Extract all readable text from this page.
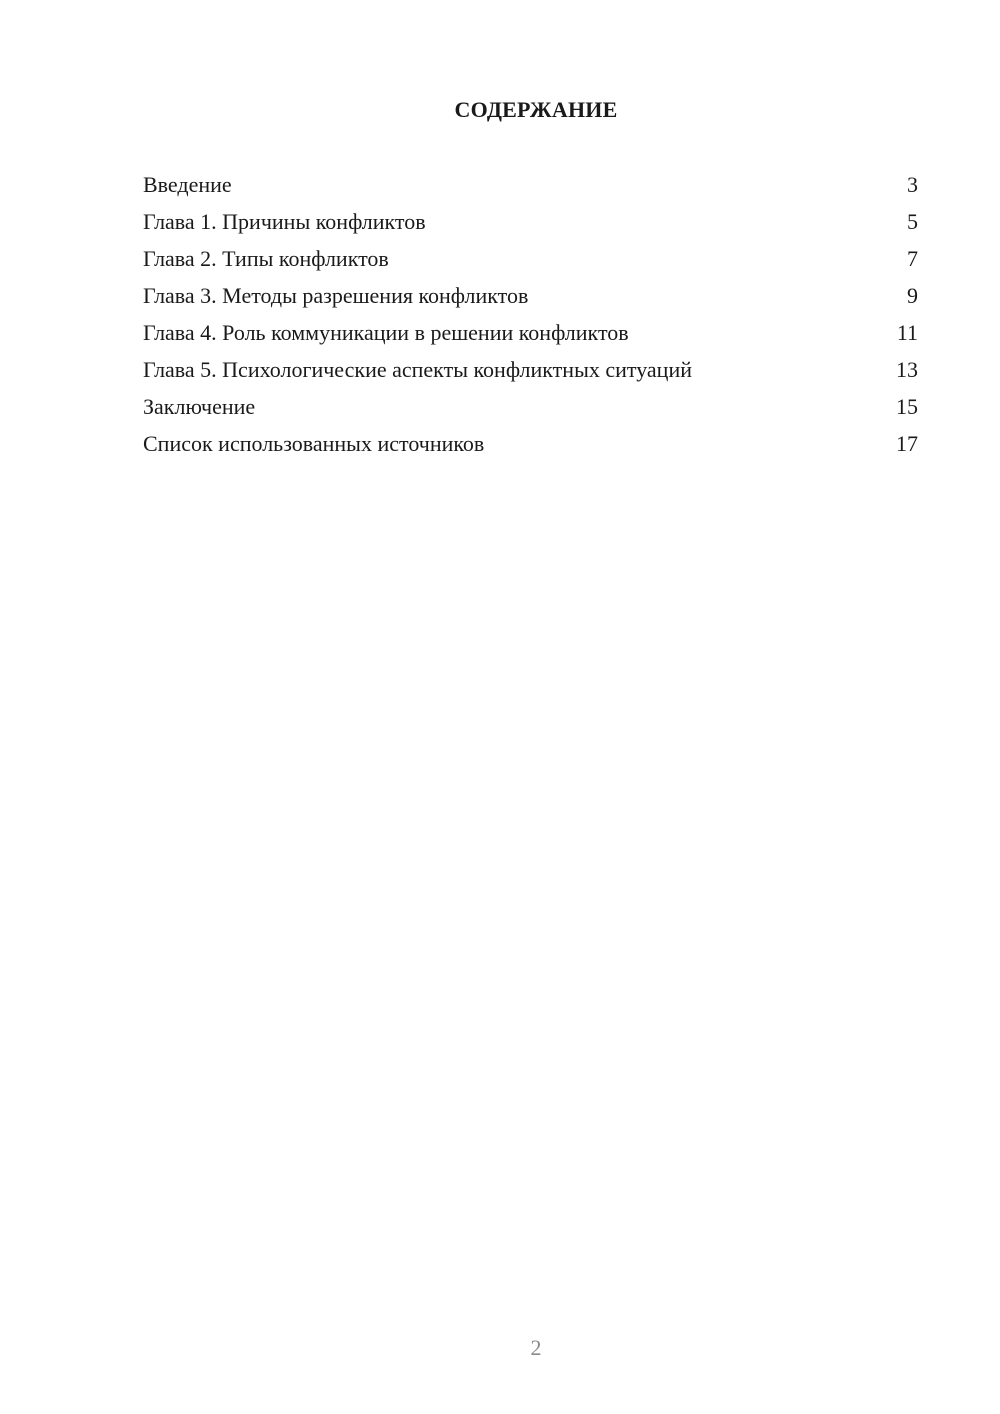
СОДЕРЖАНИЕ
Введение	3
Глава 1. Причины конфликтов	5
Глава 2. Типы конфликтов	7
Глава 3. Методы разрешения конфликтов	9
Глава 4. Роль коммуникации в решении конфликтов	11
Глава 5. Психологические аспекты конфликтных ситуаций	13
Заключение	15
Список использованных источников	17
2
